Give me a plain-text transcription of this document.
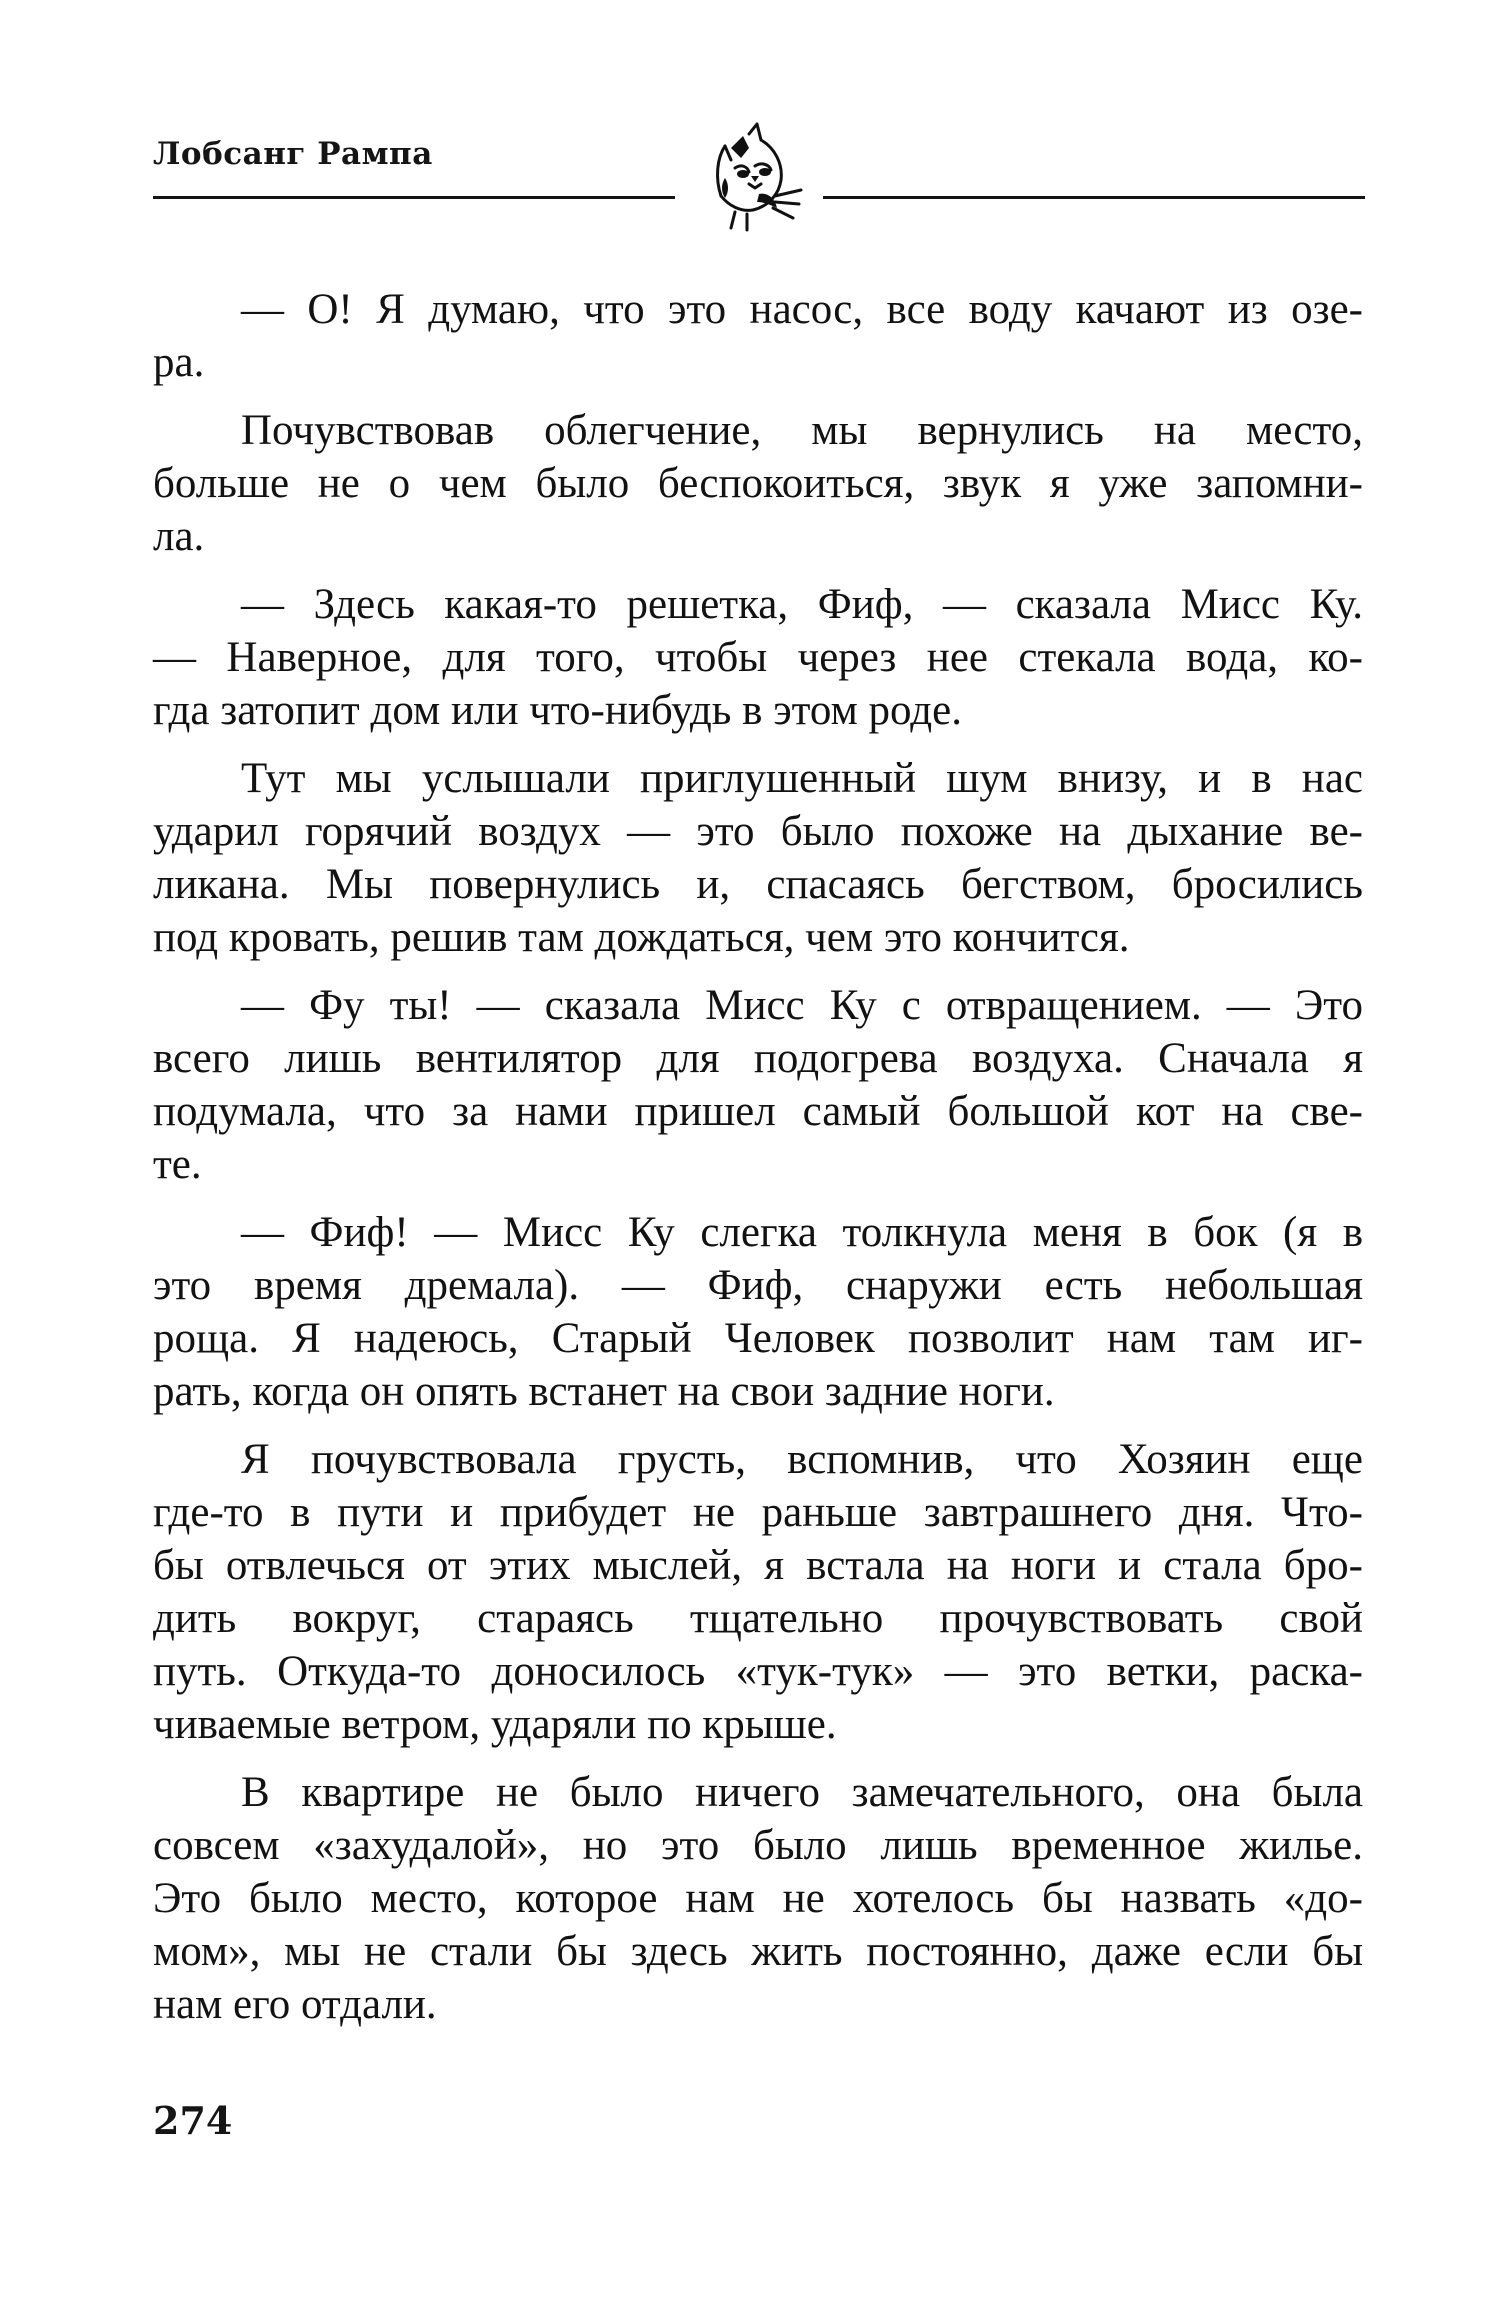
Лобсанг Рампа
— О! Я думаю, что это насос, все воду качают из озе-
ра.
Почувствовав облегчение, мы вернулись на место,
больше не о чем было беспокоиться, звук я уже запомни-
ла.
— Здесь какая-то решетка, Фиф, — сказала Мисс Ку.
— Наверное, для того, чтобы через нее стекала вода, ко-
гда затопит дом или что-нибудь в этом роде.
Тут мы услышали приглушенный шум внизу, и в нас
ударил горячий воздух — это было похоже на дыхание ве-
ликана. Мы повернулись и, спасаясь бегством, бросились
под кровать, решив там дождаться, чем это кончится.
— Фу ты! — сказала Мисс Ку с отвращением. — Это
всего лишь вентилятор для подогрева воздуха. Сначала я
подумала, что за нами пришел самый большой кот на све-
те.
— Фиф! — Мисс Ку слегка толкнула меня в бок (я в
это время дремала). — Фиф, снаружи есть небольшая
роща. Я надеюсь, Старый Человек позволит нам там иг-
рать, когда он опять встанет на свои задние ноги.
Я почувствовала грусть, вспомнив, что Хозяин еще
где-то в пути и прибудет не раньше завтрашнего дня. Что-
бы отвлечься от этих мыслей, я встала на ноги и стала бро-
дить вокруг, стараясь тщательно прочувствовать свой
путь. Откуда-то доносилось «тук-тук» — это ветки, раска-
чиваемые ветром, ударяли по крыше.
В квартире не было ничего замечательного, она была
совсем «захудалой», но это было лишь временное жилье.
Это было место, которое нам не хотелось бы назвать «до-
мом», мы не стали бы здесь жить постоянно, даже если бы
нам его отдали.
274
